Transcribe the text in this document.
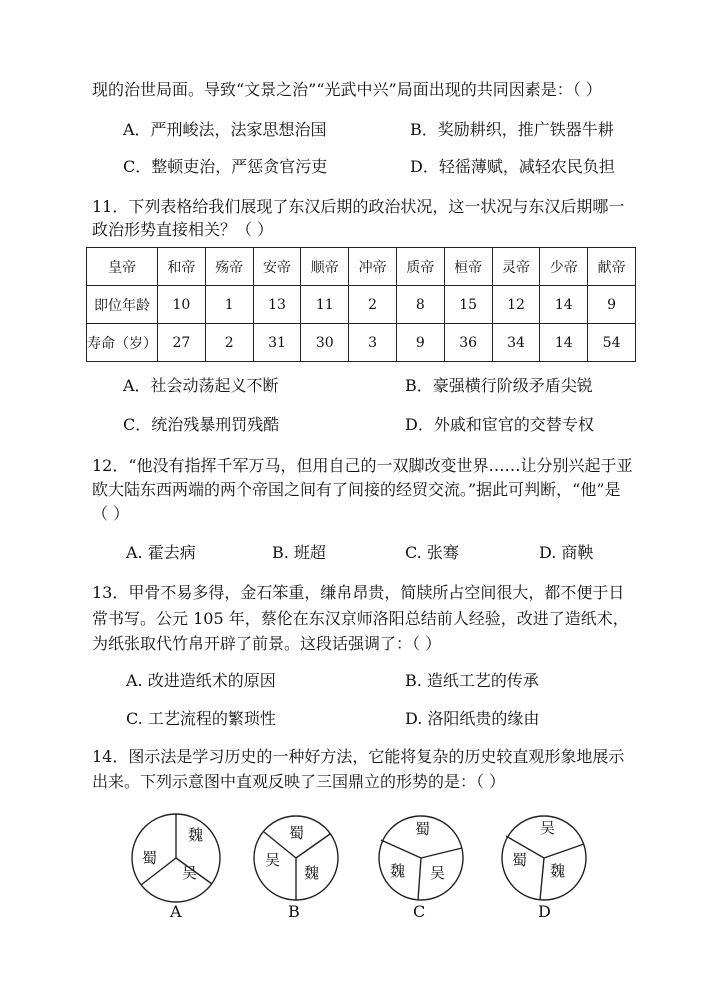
现的治世局面。导致“文景之治”“光武中兴”局面出现的共同因素是：（ ）
A．严刑峻法，法家思想治国	B．奖励耕织，推广铁器牛耕
C．整顿吏治，严惩贪官污吏	D．轻徭薄赋，减轻农民负担
11．下列表格给我们展现了东汉后期的政治状况，这一状况与东汉后期哪一
政治形势直接相关？（ ）
皇帝	和帝	殇帝	安帝	顺帝	冲帝	质帝	桓帝	灵帝	少帝	献帝
即位年龄	10	1	13	11	2	8	15	12	14	9
寿命（岁）	27	2	31	30	3	9	36	34	14	54
A．社会动荡起义不断	B．豪强横行阶级矛盾尖锐
C．统治残暴刑罚残酷	D．外戚和宦官的交替专权
12．“他没有指挥千军万马，但用自己的一双脚改变世界……让分别兴起于亚
欧大陆东西两端的两个帝国之间有了间接的经贸交流。”据此可判断，“他”是
（ ）
A. 霍去病	B. 班超	C. 张骞	D. 商鞅
13．甲骨不易多得，金石笨重，缣帛昂贵，简牍所占空间很大，都不便于日
常书写。公元 105 年，蔡伦在东汉京师洛阳总结前人经验，改进了造纸术，
为纸张取代竹帛开辟了前景。这段话强调了：（ ）
A. 改进造纸术的原因	B. 造纸工艺的传承
C. 工艺流程的繁琐性	D. 洛阳纸贵的缘由
14．图示法是学习历史的一种好方法，它能将复杂的历史较直观形象地展示
出来。下列示意图中直观反映了三国鼎立的形势的是：（ ）
魏
蜀
吴
A
蜀
吴
魏
B
蜀
魏 吴
C
吴
蜀
魏
D
